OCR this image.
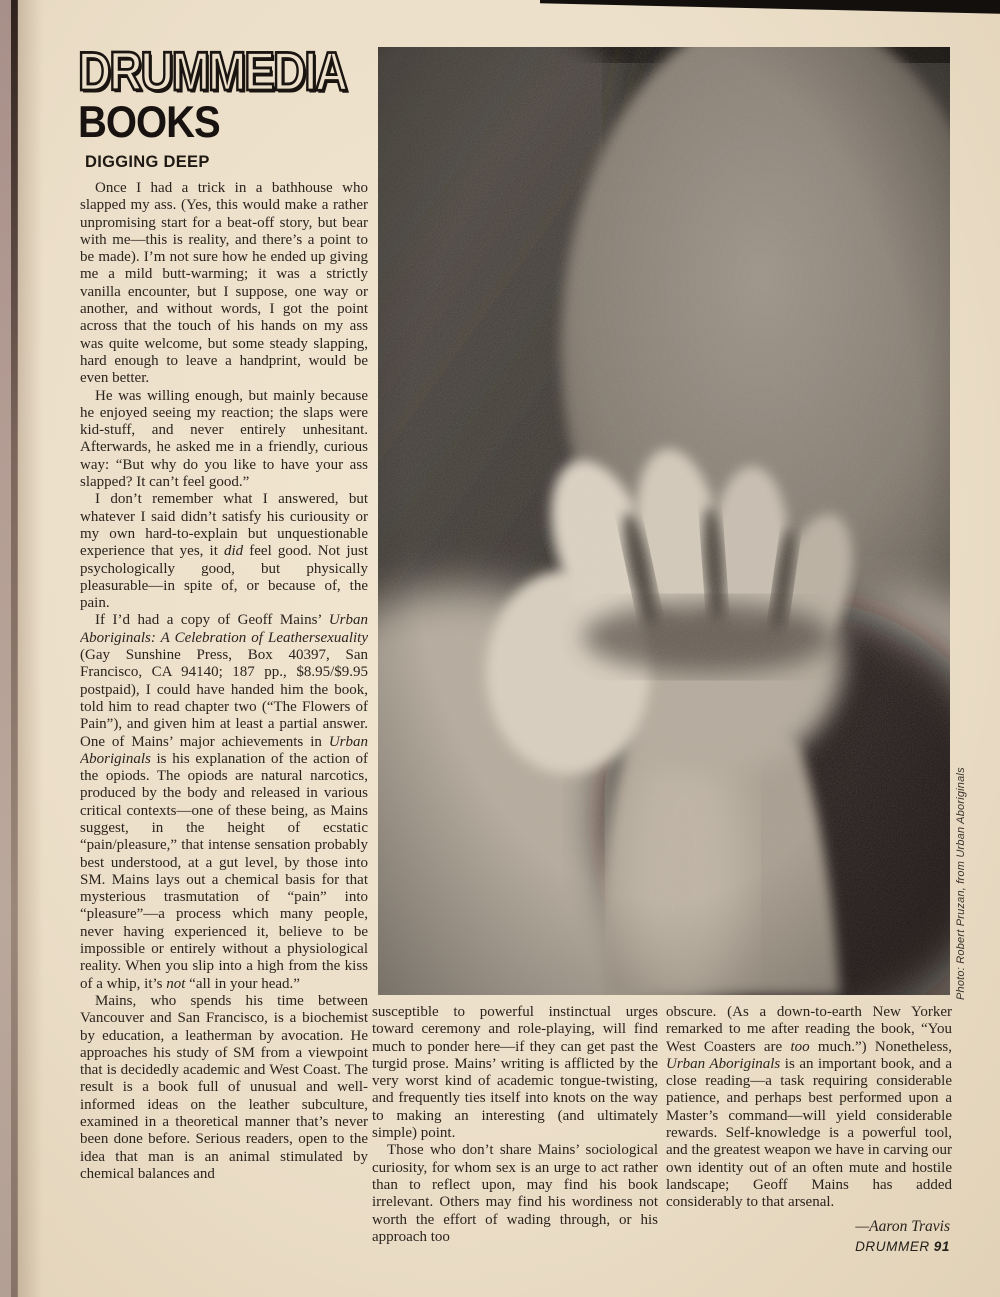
DRUMMEDIA
BOOKS
DIGGING DEEP

Once I had a trick in a bathhouse who slapped my ass. (Yes, this would make a rather unpromising start for a beat-off story, but bear with me—this is reality, and there’s a point to be made). I’m not sure how he ended up giving me a mild butt-warming; it was a strictly vanilla encounter, but I suppose, one way or another, and without words, I got the point across that the touch of his hands on my ass was quite welcome, but some steady slapping, hard enough to leave a handprint, would be even better.

He was willing enough, but mainly because he enjoyed seeing my reaction; the slaps were kid-stuff, and never entirely unhesitant. Afterwards, he asked me in a friendly, curious way: “But why do you like to have your ass slapped? It can’t feel good.”

I don’t remember what I answered, but whatever I said didn’t satisfy his curiousity or my own hard-to-explain but unquestionable experience that yes, it did feel good. Not just psychologically good, but physically pleasurable—in spite of, or because of, the pain.

If I’d had a copy of Geoff Mains’ Urban Aboriginals: A Celebration of Leathersexuality (Gay Sunshine Press, Box 40397, San Francisco, CA 94140; 187 pp., $8.95/$9.95 postpaid), I could have handed him the book, told him to read chapter two (“The Flowers of Pain”), and given him at least a partial answer. One of Mains’ major achievements in Urban Aboriginals is his explanation of the action of the opiods. The opiods are natural narcotics, produced by the body and released in various critical contexts—one of these being, as Mains suggest, in the height of ecstatic “pain/pleasure,” that intense sensation probably best understood, at a gut level, by those into SM. Mains lays out a chemical basis for that mysterious trasmutation of “pain” into “pleasure”—a process which many people, never having experienced it, believe to be impossible or entirely without a physiological reality. When you slip into a high from the kiss of a whip, it’s not “all in your head.”

Mains, who spends his time between Vancouver and San Francisco, is a biochemist by education, a leatherman by avocation. He approaches his study of SM from a viewpoint that is decidedly academic and West Coast. The result is a book full of unusual and well-informed ideas on the leather subculture, examined in a theoretical manner that’s never been done before. Serious readers, open to the idea that man is an animal stimulated by chemical balances and

Photo: Robert Pruzan, from Urban Aboriginals

susceptible to powerful instinctual urges toward ceremony and role-playing, will find much to ponder here—if they can get past the turgid prose. Mains’ writing is afflicted by the very worst kind of academic tongue-twisting, and frequently ties itself into knots on the way to making an interesting (and ultimately simple) point.

Those who don’t share Mains’ sociological curiosity, for whom sex is an urge to act rather than to reflect upon, may find his book irrelevant. Others may find his wordiness not worth the effort of wading through, or his approach too

obscure. (As a down-to-earth New Yorker remarked to me after reading the book, “You West Coasters are too much.”) Nonetheless, Urban Aboriginals is an important book, and a close reading—a task requiring considerable patience, and perhaps best performed upon a Master’s command—will yield considerable rewards. Self-knowledge is a powerful tool, and the greatest weapon we have in carving our own identity out of an often mute and hostile landscape; Geoff Mains has added considerably to that arsenal.

—Aaron Travis
DRUMMER 91
